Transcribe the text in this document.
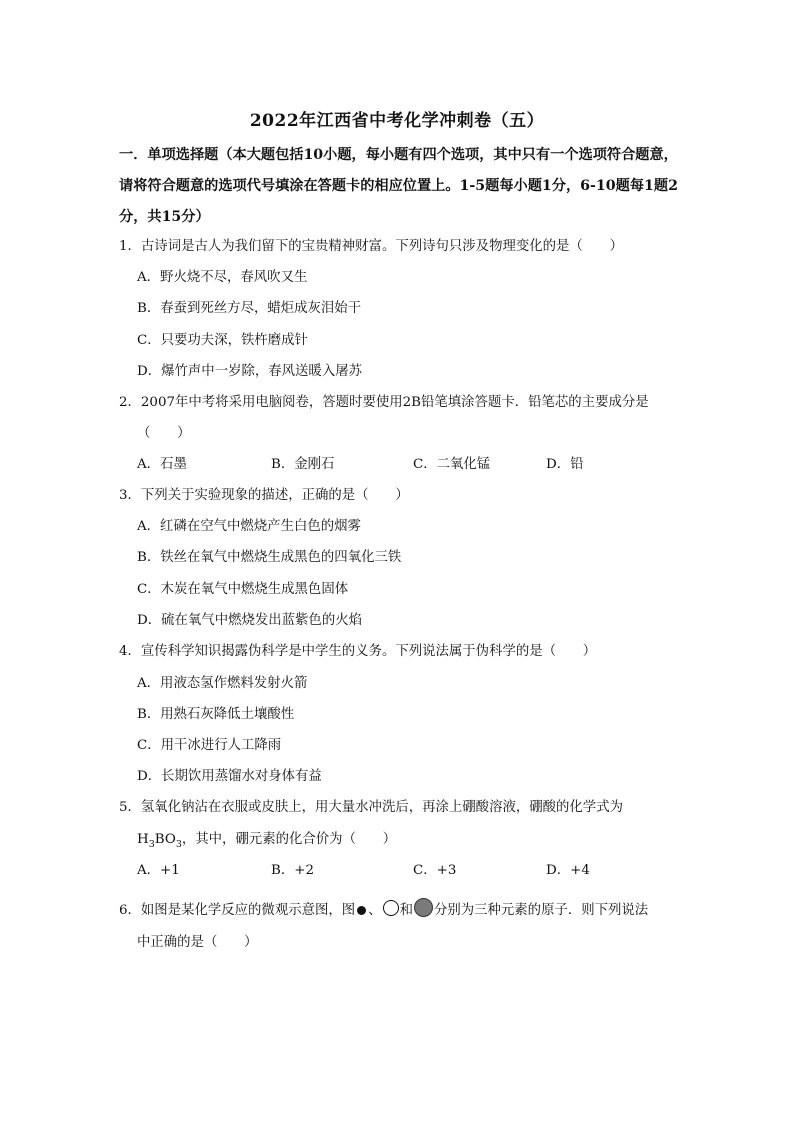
2022年江西省中考化学冲刺卷（五）
一．单项选择题（本大题包括10小题，每小题有四个选项，其中只有一个选项符合题意，
请将符合题意的选项代号填涂在答题卡的相应位置上。1-5题每小题1分，6-10题每1题2
分，共15分）
1．古诗词是古人为我们留下的宝贵精神财富。下列诗句只涉及物理变化的是（　　）
A．野火烧不尽，春风吹又生
B．春蚕到死丝方尽，蜡炬成灰泪始干
C．只要功夫深，铁杵磨成针
D．爆竹声中一岁除，春风送暖入屠苏
2．2007年中考将采用电脑阅卷，答题时要使用2B铅笔填涂答题卡．铅笔芯的主要成分是
（　　）
A．石墨	B．金刚石	C．二氧化锰	D．铅
3．下列关于实验现象的描述，正确的是（　　）
A．红磷在空气中燃烧产生白色的烟雾
B．铁丝在氧气中燃烧生成黑色的四氧化三铁
C．木炭在氧气中燃烧生成黑色固体
D．硫在氧气中燃烧发出蓝紫色的火焰
4．宣传科学知识揭露伪科学是中学生的义务。下列说法属于伪科学的是（　　）
A．用液态氢作燃料发射火箭
B．用熟石灰降低土壤酸性
C．用干冰进行人工降雨
D．长期饮用蒸馏水对身体有益
5．氢氧化钠沾在衣服或皮肤上，用大量水冲洗后，再涂上硼酸溶液，硼酸的化学式为
$H_3BO_3$，其中，硼元素的化合价为（　　）
A．+1	B．+2	C．+3	D．+4
6．如图是某化学反应的微观示意图，图 、 和 分别为三种元素的原子．则下列说法
中正确的是（　　）
